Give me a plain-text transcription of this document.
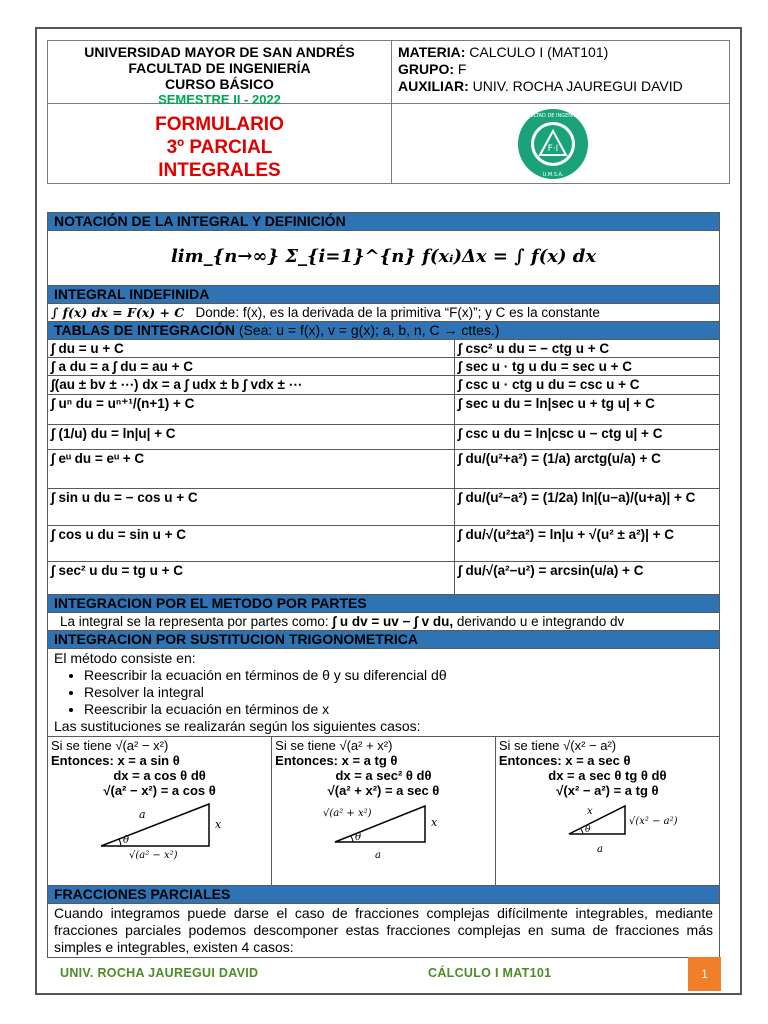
UNIVERSIDAD MAYOR DE SAN ANDRÉS
FACULTAD DE INGENIERÍA
CURSO BÁSICO
SEMESTRE II - 2022
MATERIA: CALCULO I (MAT101)
GRUPO: F
AUXILIAR: UNIV. ROCHA JAUREGUI DAVID
FORMULARIO
3º PARCIAL
INTEGRALES
F·I
FACULTAD DE INGENIERIA
U.M.S.A.
NOTACIÓN DE LA INTEGRAL Y DEFINICIÓN

lim_{n→∞} Σ_{i=1}^{n} f(xᵢ)Δx = ∫ f(x) dx

INTEGRAL INDEFINIDA
∫ f(x) dx = F(x) + C Donde: f(x), es la derivada de la primitiva “F(x)”; y C es la constante
TABLAS DE INTEGRACIÓN (Sea: u = f(x), v = g(x); a, b, n, C → cttes.)
∫ du = u + C	∫ csc² u du = − ctg u + C
∫ a du = a ∫ du = au + C	∫ sec u · tg u du = sec u + C
∫(au ± bv ± ⋯) dx = a ∫ udx ± b ∫ vdx ± ⋯	∫ csc u · ctg u du = csc u + C
∫ uⁿ du = uⁿ⁺¹/(n+1) + C	∫ sec u du = ln|sec u + tg u| + C
∫ (1/u) du = ln|u| + C	∫ csc u du = ln|csc u − ctg u| + C
∫ eᵘ du = eᵘ + C	∫ du/(u²+a²) = (1/a) arctg(u/a) + C
∫ sin u du = − cos u + C	∫ du/(u²−a²) = (1/2a) ln|(u−a)/(u+a)| + C
∫ cos u du = sin u + C	∫ du/√(u²±a²) = ln|u + √(u² ± a²)| + C
∫ sec² u du = tg u + C	∫ du/√(a²−u²) = arcsin(u/a) + C
INTEGRACION POR EL METODO POR PARTES
La integral se la representa por partes como: ∫ u dv = uv − ∫ v du, derivando u e integrando dv
INTEGRACION POR SUSTITUCION TRIGONOMETRICA

El método consiste en:
• Reescribir la ecuación en términos de θ y su diferencial dθ
• Resolver la integral
• Reescribir la ecuación en términos de x
Las sustituciones se realizarán según los siguientes casos:
Si se tiene √(a² − x²)
Entonces: x = a sin θ
dx = a cos θ dθ
√(a² − x²) = a cos θ
θ
a
x
√(a² − x²)

Si se tiene √(a² + x²)
Entonces: x = a tg θ
dx = a sec² θ dθ
√(a² + x²) = a sec θ
θ
√(a² + x²)
x
a

Si se tiene √(x² − a²)
Entonces: x = a sec θ
dx = a sec θ tg θ dθ
√(x² − a²) = a tg θ
θ
x
√(x² − a²)
a

FRACCIONES PARCIALES
Cuando integramos puede darse el caso de fracciones complejas difícilmente integrables, mediante fracciones parciales podemos descomponer estas fracciones complejas en suma de fracciones más simples e integrables, existen 4 casos:
UNIV. ROCHA JAUREGUI DAVID	CÁLCULO I MAT101	1
